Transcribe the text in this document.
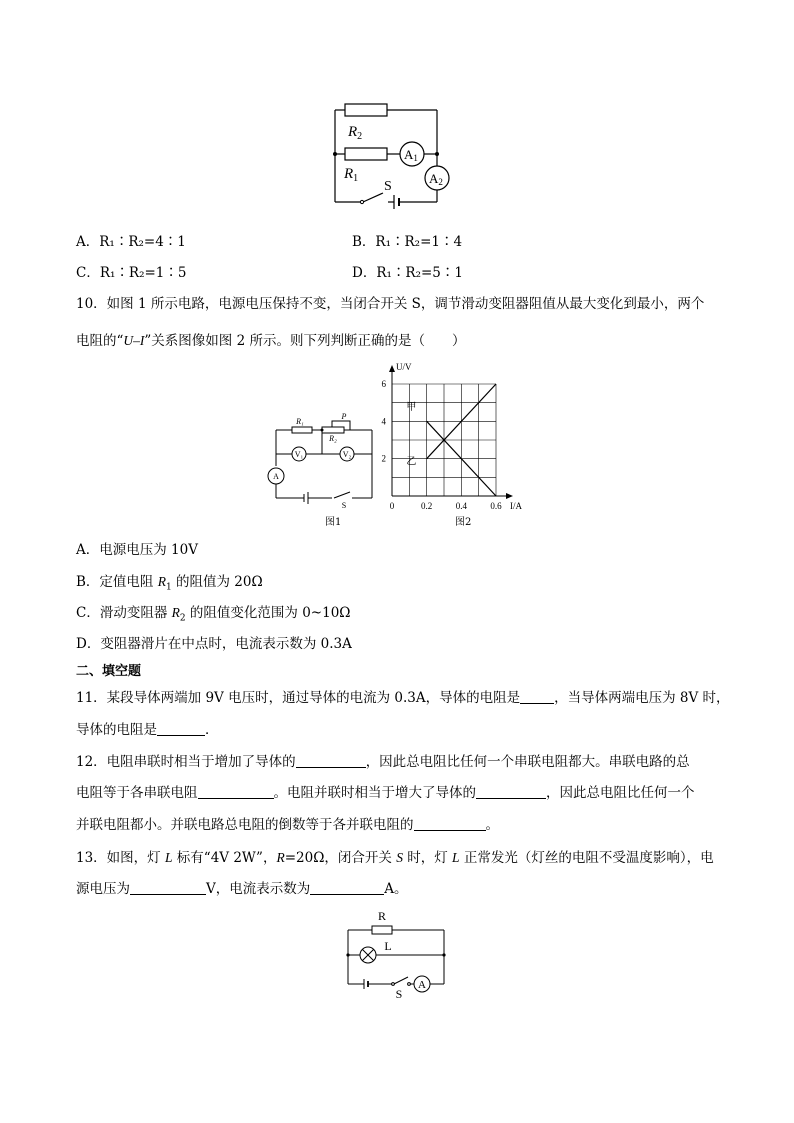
$R_2$
$R_1$
A1
A2
S
A．R₁∶R₂=4∶1	B．R₁∶R₂=1∶4
C．R₁∶R₂=1∶5	D．R₁∶R₂=5∶1
10．如图 1 所示电路，电源电压保持不变，当闭合开关 S，调节滑动变阻器阻值从最大变化到最小，两个
电阻的“U–I”关系图像如图 2 所示。则下列判断正确的是（　　）
R₁
P
R₂
V₁	V₂
A
S
图1
6
4
2
0	0.2	0.4	0.6
U/V
I/A
甲
乙
图2
A．电源电压为 10V
B．定值电阻 $R_1$ 的阻值为 20Ω
C．滑动变阻器 $R_2$ 的阻值变化范围为 0~10Ω
D．变阻器滑片在中点时，电流表示数为 0.3A
二、填空题
11．某段导体两端加 9V 电压时，通过导体的电流为 0.3A，导体的电阻是	，当导体两端电压为 8V 时，
导体的电阻是	．
12．电阻串联时相当于增加了导体的	，因此总电阻比任何一个串联电阻都大。串联电路的总
电阻等于各串联电阻	。电阻并联时相当于增大了导体的	，因此总电阻比任何一个
并联电阻都小。并联电路总电阻的倒数等于各并联电阻的	。
13．如图，灯 L 标有“4V 2W”，R=20Ω，闭合开关 S 时，灯 L 正常发光（灯丝的电阻不受温度影响），电
源电压为	V，电流表示数为	A。
R
L
A
S
